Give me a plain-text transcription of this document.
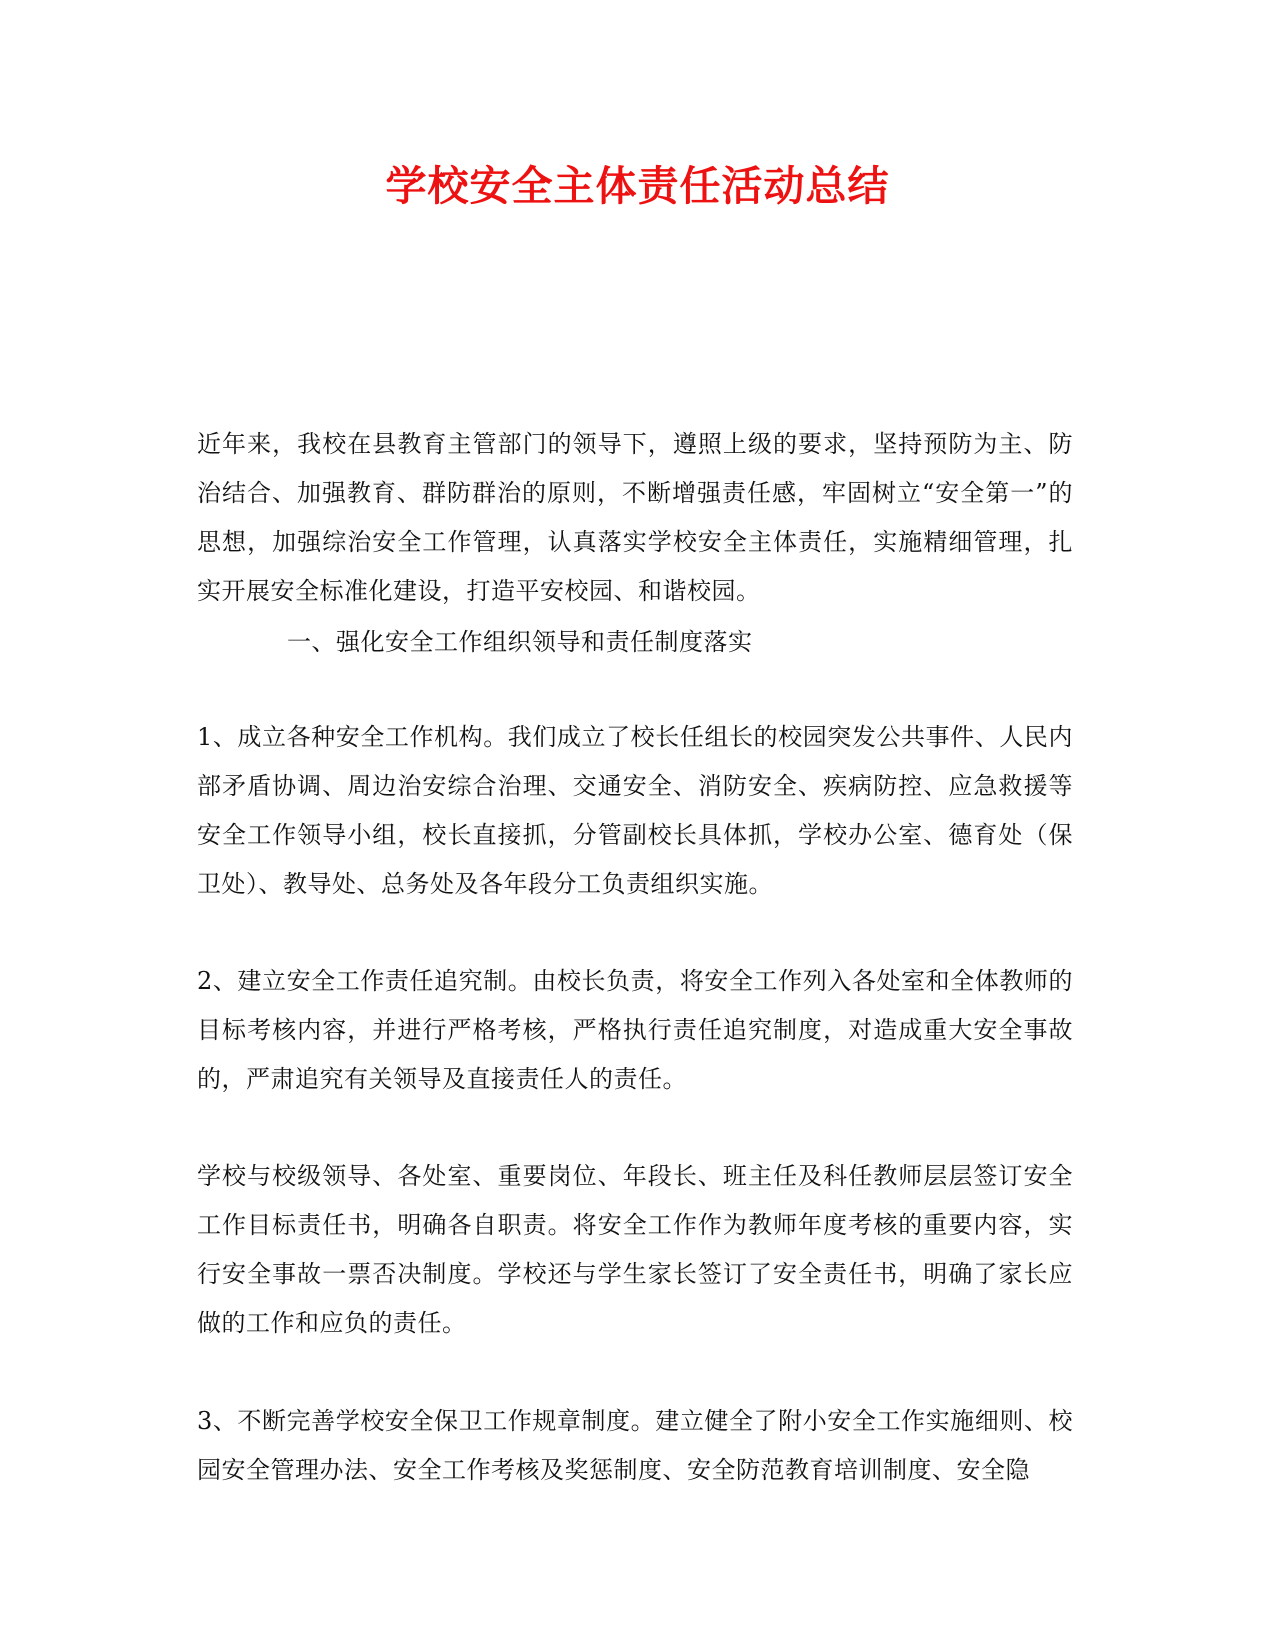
学校安全主体责任活动总结

近年来，我校在县教育主管部门的领导下，遵照上级的要求，坚持预防为主、防治结合、加强教育、群防群治的原则，不断增强责任感，牢固树立“安全第一”的思想，加强综治安全工作管理，认真落实学校安全主体责任，实施精细管理，扎实开展安全标准化建设，打造平安校园、和谐校园。

一、强化安全工作组织领导和责任制度落实

1、成立各种安全工作机构。我们成立了校长任组长的校园突发公共事件、人民内部矛盾协调、周边治安综合治理、交通安全、消防安全、疾病防控、应急救援等安全工作领导小组，校长直接抓，分管副校长具体抓，学校办公室、德育处（保卫处）、教导处、总务处及各年段分工负责组织实施。

2、建立安全工作责任追究制。由校长负责，将安全工作列入各处室和全体教师的目标考核内容，并进行严格考核，严格执行责任追究制度，对造成重大安全事故的，严肃追究有关领导及直接责任人的责任。

学校与校级领导、各处室、重要岗位、年段长、班主任及科任教师层层签订安全工作目标责任书，明确各自职责。将安全工作作为教师年度考核的重要内容，实行安全事故一票否决制度。学校还与学生家长签订了安全责任书，明确了家长应做的工作和应负的责任。

3、不断完善学校安全保卫工作规章制度。建立健全了附小安全工作实施细则、校园安全管理办法、安全工作考核及奖惩制度、安全防范教育培训制度、安全隐
